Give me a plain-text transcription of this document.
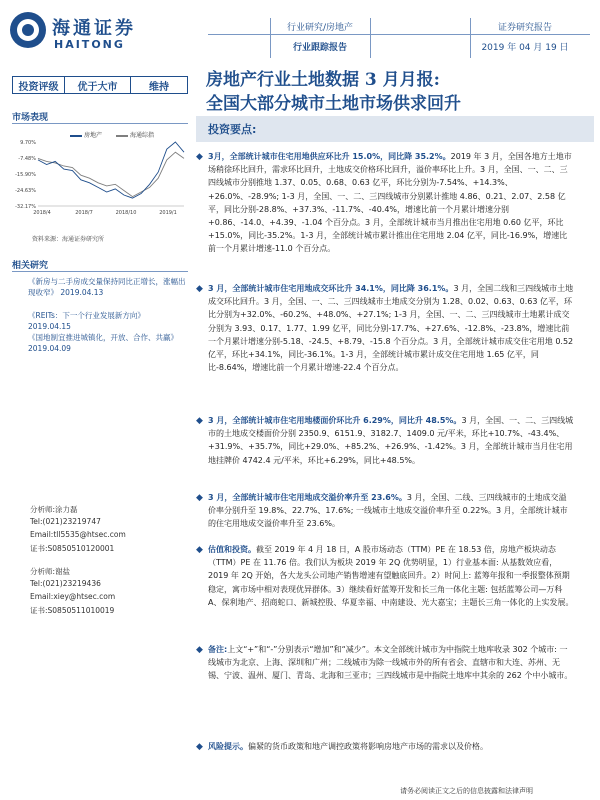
海通证券
HAITONG
行业研究/房地产
行业跟踪报告
证券研究报告
2019 年 04 月 19 日
投资评级	优于大市	维持
市场表现
房地产	海通综指
9.70%
-7.48%
-15.90%
-24.63%
-32.17%
2018/4	2018/7	2018/10	2019/1
资料来源：海通证券研究所
相关研究
《新房与二手房成交量保持同比正增长，涨幅出现收窄》 2019.04.13
《REITs：下一个行业发展新方向》
2019.04.15
《国地制宜推进城镇化，开放、合作、共赢》 2019.04.09
分析师:涂力磊
Tel:(021)23219747
Email:tll5535@htsec.com
证书:S0850510120001
分析师:谢盐
Tel:(021)23219436
Email:xiey@htsec.com
证书:S0850511010019
房地产行业土地数据 3 月月报:
全国大部分城市土地市场供求回升
投资要点:
◆ 3月，全部统计城市住宅用地供应环比升 15.0%，同比降 35.2%。2019 年 3 月，全国各地方土地市场稍徐环比回升，需求环比回升，土地成交价格环比回升，溢价率环比上升。3 月，全国、一、二、三四线城市分别推地 1.37、0.05、0.68、0.63 亿平，环比分别为-7.54%、+14.3%、+26.0%、-28.9%; 1-3 月，全国、一、二、三四线城市分别累计推地 4.86、0.21、2.07、2.58 亿平，同比分别-28.8%、+37.3%、-11.7%、-40.4%，增速比前一个月累计增速分别+0.86、-14.0、+4.39、-1.04 个百分点。3 月，全部统计城市当月推出住宅用地 0.60 亿平，环比+15.0%，同比-35.2%。1-3 月，全部统计城市累计推出住宅用地 2.04 亿平，同比-16.9%，增速比前一个月累计增速-11.0 个百分点。
◆ 3 月，全部统计城市住宅用地成交环比升 34.1%，同比降 36.1%。3 月，全国二线和三四线城市土地成交环比回升。3 月，全国、一、二、三四线城市土地成交分别为 1.28、0.02、0.63、0.63 亿平，环比分别为+32.0%、-60.2%、+48.0%、+27.1%; 1-3 月，全国、一、二、三四线城市土地累计成交分别为 3.93、0.17、1.77、1.99 亿平，同比分别-17.7%、+27.6%、-12.8%、-23.8%，增速比前一个月累计增速分别-5.18、-24.5、+8.79、-15.8 个百分点。3 月，全部统计城市成交住宅用地 0.52 亿平，环比+34.1%，同比-36.1%。1-3 月，全部统计城市累计成交住宅用地 1.65 亿平，同比-8.64%，增速比前一个月累计增速-22.4 个百分点。
◆ 3 月，全部统计城市住宅用地楼面价环比升 6.29%，同比升 48.5%。3 月，全国、一、二、三四线城市的土地成交楼面价分别 2350.9、6151.9、3182.7、1409.0 元/平米，环比+10.7%、-43.4%、+31.9%、+35.7%，同比+29.0%、+85.2%、+26.9%、-1.42%。3 月，全部统计城市当月住宅用地挂牌价 4742.4 元/平米，环比+6.29%，同比+48.5%。
◆ 3 月，全部统计城市住宅用地成交溢价率升至 23.6%。3 月，全国、二线、三四线城市的土地成交溢价率分别升至 19.8%、22.7%、17.6%; 一线城市土地成交溢价率升至 0.22%。3 月，全部统计城市的住宅用地成交溢价率升至 23.6%。
◆ 估值和投资。截至 2019 年 4 月 18 日，A 股市场动态（TTM）PE 在 18.53 倍，房地产板块动态（TTM）PE 在 11.76 倍。我们认为板块 2019 年 2Q 优势明显，1）行业基本面: 从基数效应看，2019 年 2Q 开始，各大龙头公司地产销售增速有望触底回升。2）时间上: 蓝筹年报和一季报整体预期稳定，寓市场中相对表现优异群体。3）继续看好蓝筹开发和长三角一体化主题: 包括蓝筹公司—万科 A、保利地产、招商蛇口、新城控股、华夏幸福、中南建设、光大嘉宝；主题长三角一体化的上实发展。
◆ 备注:上文“+”和“-”分别表示“增加”和“减少”。本文全部统计城市为中指院土地库收录 302 个城市: 一线城市为北京、上海、深圳和广州；二线城市为除一线城市外的所有省会、直辖市和大连、苏州、无锡、宁波、温州、厦门、青岛、北海和三亚市；三四线城市是中指院土地库中其余的 262 个中小城市。
◆ 风险提示。偏紧的货币政策和地产调控政策将影响房地产市场的需求以及价格。
请务必阅读正文之后的信息披露和法律声明
